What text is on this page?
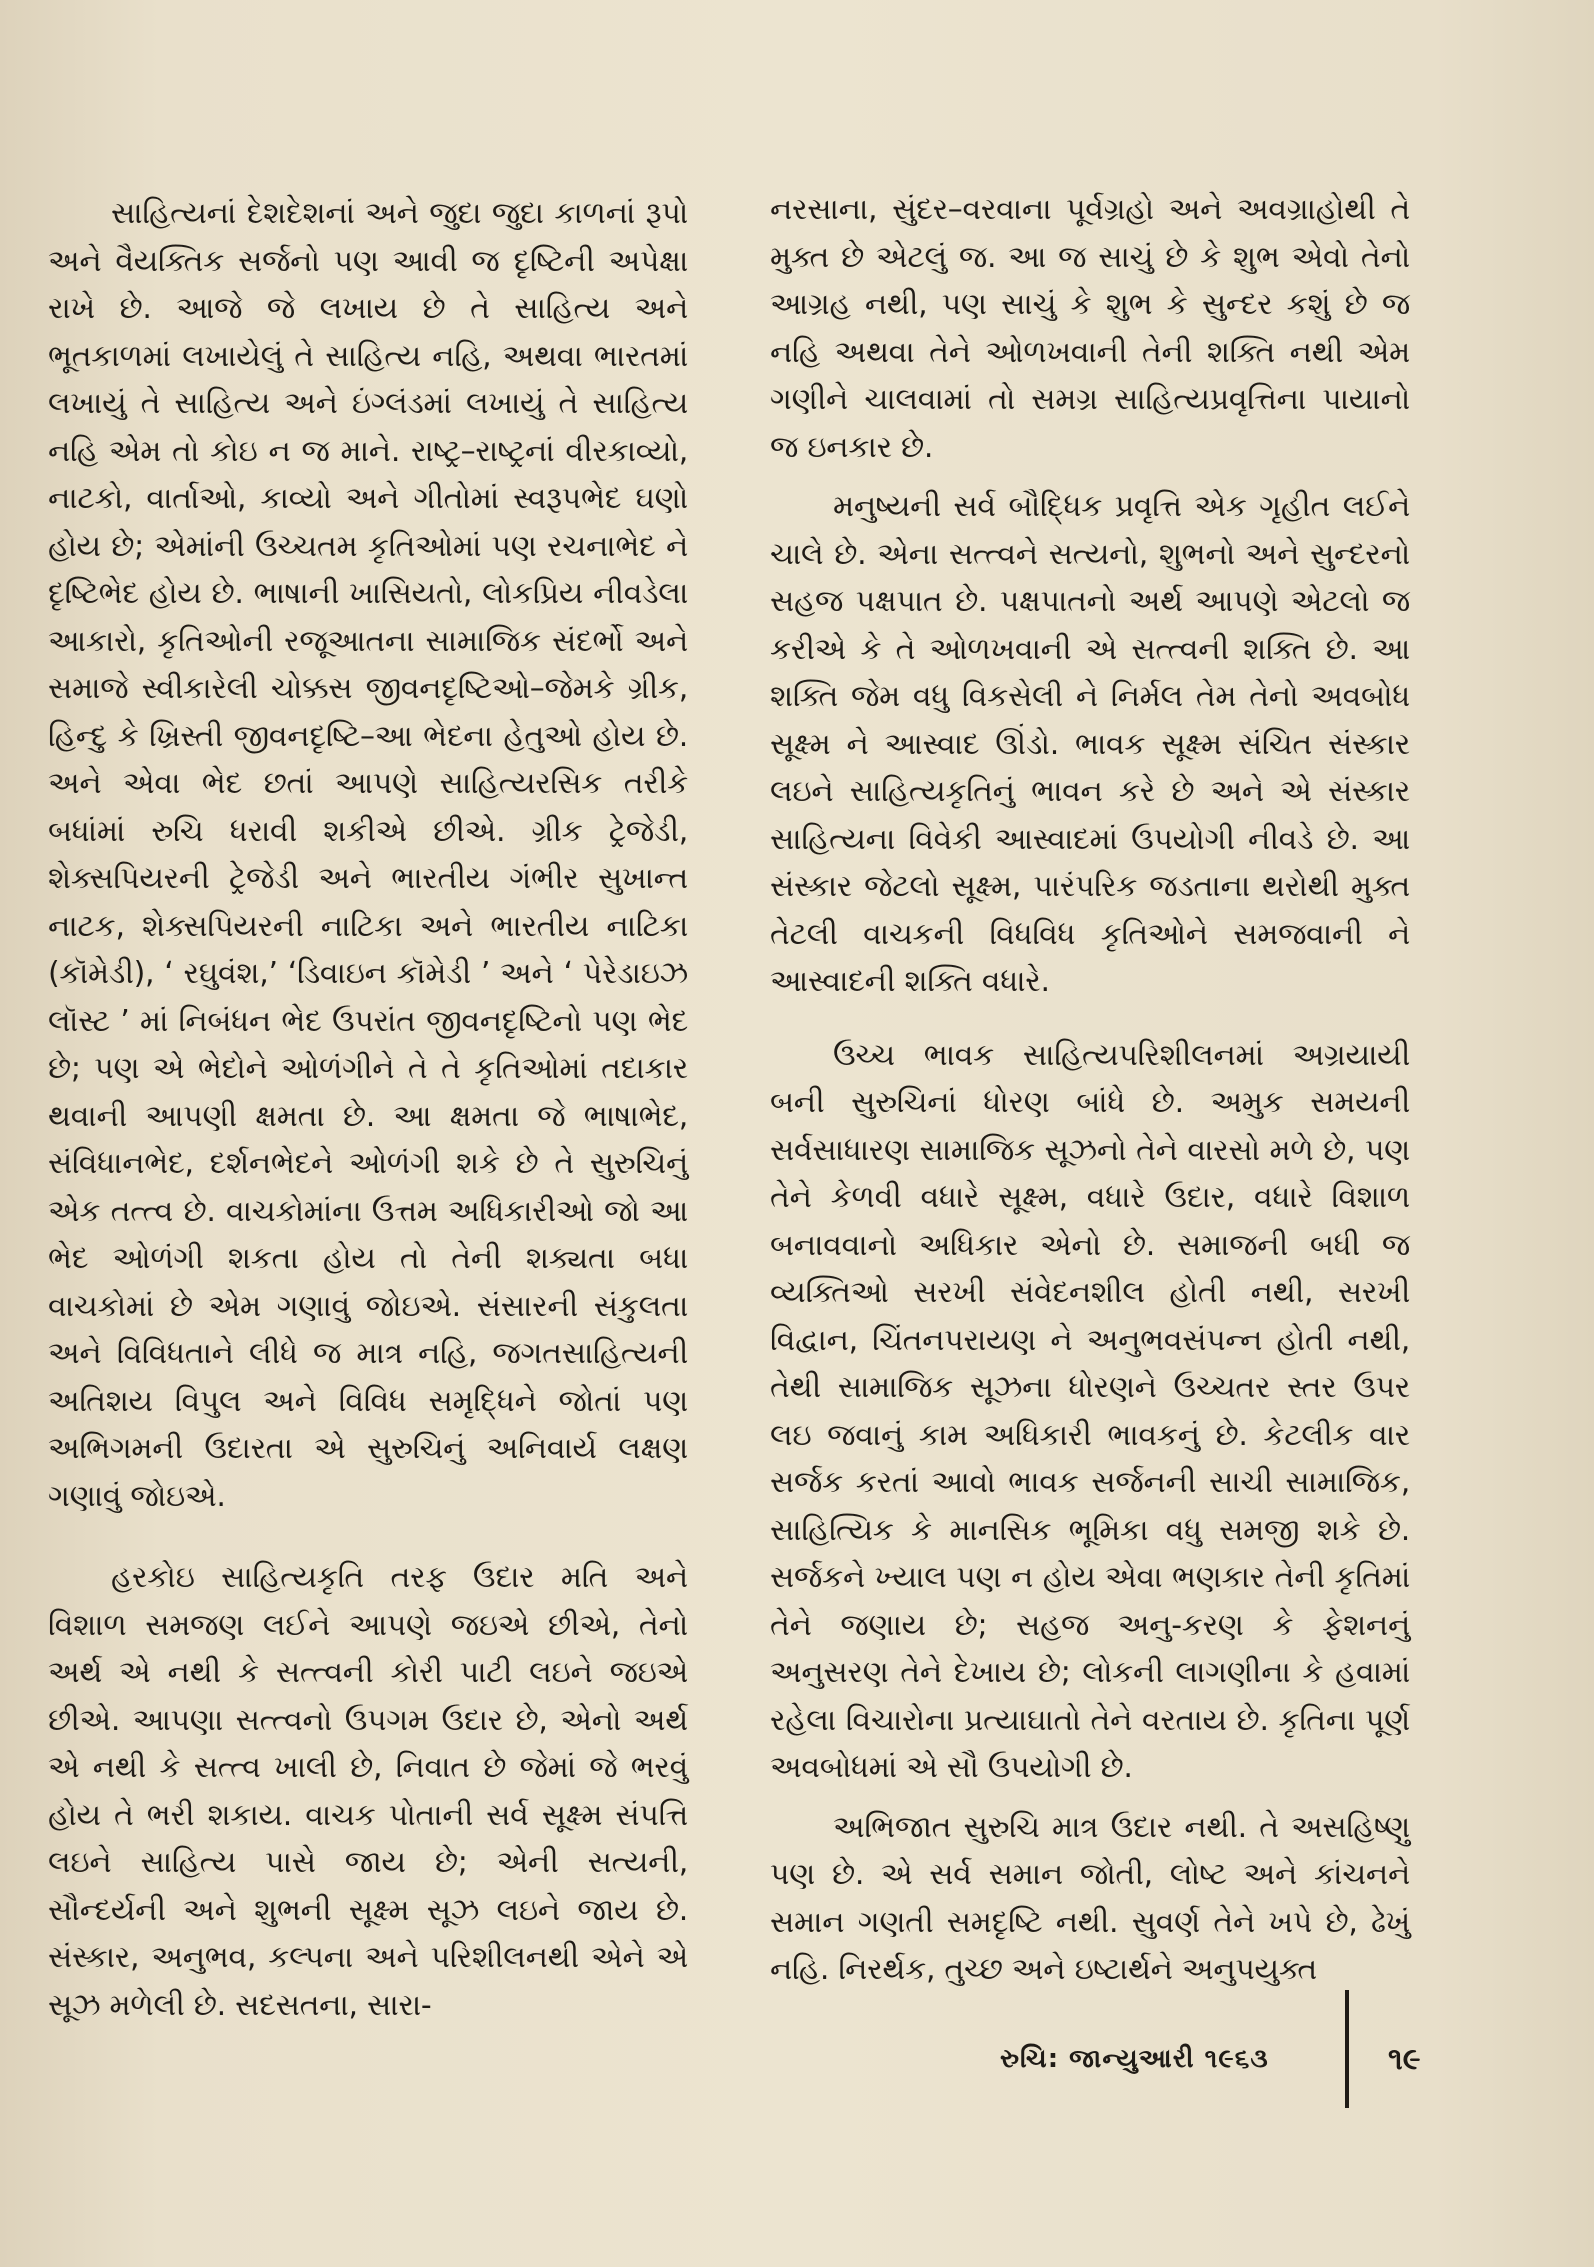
સાહિત્યનાં દેશદેશનાં અને જુદા જુદા કાળનાં રૂપો અને વૈયક્તિક સર્જનો પણ આવી જ દૃષ્ટિની અપેક્ષા રાખે છે. આજે જે લખાય છે તે સાહિત્ય અને ભૂતકાળમાં લખાયેલું તે સાહિત્ય નહિ, અથવા ભારતમાં લખાયું તે સાહિત્ય અને ઇંગ્લંડમાં લખાયું તે સાહિત્ય નહિ એમ તો કોઇ ન જ માને. રાષ્ટ્ર–રાષ્ટ્રનાં વીરકાવ્યો, નાટકો, વાર્તાઓ, કાવ્યો અને ગીતોમાં સ્વરૂપભેદ ઘણો હોય છે; એમાંની ઉચ્ચતમ કૃતિઓમાં પણ રચનાભેદ ને દૃષ્ટિભેદ હોય છે. ભાષાની ખાસિયતો, લોકપ્રિય નીવડેલા આકારો, કૃતિઓની રજૂઆતના સામાજિક સંદર્ભો અને સમાજે સ્વીકારેલી ચોક્કસ જીવનદૃષ્ટિઓ–જેમકે ગ્રીક, હિન્દુ કે ખ્રિસ્તી જીવનદૃષ્ટિ–આ ભેદના હેતુઓ હોય છે. અને એવા ભેદ છતાં આપણે સાહિત્યરસિક તરીકે બધાંમાં રુચિ ધરાવી શકીએ છીએ. ગ્રીક ટ્રેજેડી, શેક્સપિયરની ટ્રેજેડી અને ભારતીય ગંભીર સુખાન્ત નાટક, શેક્સપિયરની નાટિકા અને ભારતીય નાટિકા (કૉમેડી), ‘ રઘુવંશ,’ ‘ડિવાઇન કૉમેડી ’ અને ‘ પેરેડાઇઝ લૉસ્ટ ’ માં નિબંધન ભેદ ઉપરાંત જીવનદૃષ્ટિનો પણ ભેદ છે; પણ એ ભેદોને ઓળંગીને તે તે કૃતિઓમાં તદાકાર થવાની આપણી ક્ષમતા છે. આ ક્ષમતા જે ભાષાભેદ, સંવિધાનભેદ, દર્શનભેદને ઓળંગી શકે છે તે સુરુચિનું એક તત્ત્વ છે. વાચકોમાંના ઉત્તમ અધિકારીઓ જો આ ભેદ ઓળંગી શકતા હોય તો તેની શક્યતા બધા વાચકોમાં છે એમ ગણાવું જોઇએ. સંસારની સંકુલતા અને વિવિધતાને લીધે જ માત્ર નહિ, જગતસાહિત્યની અતિશય વિપુલ અને વિવિધ સમૃદ્ધિને જોતાં પણ અભિગમની ઉદારતા એ સુરુચિનું અનિવાર્ય લક્ષણ ગણાવું જોઇએ.

હરકોઇ સાહિત્યકૃતિ તરફ ઉદાર મતિ અને વિશાળ સમજણ લઈને આપણે જઇએ છીએ, તેનો અર્થ એ નથી કે સત્ત્વની કોરી પાટી લઇને જઇએ છીએ. આપણા સત્ત્વનો ઉપગમ ઉદાર છે, એનો અર્થ એ નથી કે સત્ત્વ ખાલી છે, નિવાત છે જેમાં જે ભરવું હોય તે ભરી શકાય. વાચક પોતાની સર્વ સૂક્ષ્મ સંપત્તિ લઇને સાહિત્ય પાસે જાય છે; એની સત્યની, સૌન્દર્યની અને શુભની સૂક્ષ્મ સૂઝ લઇને જાય છે. સંસ્કાર, અનુભવ, કલ્પના અને પરિશીલનથી એને એ સૂઝ મળેલી છે. સદસતના, સારા-

નરસાના, સુંદર–વરવાના પૂર્વગ્રહો અને અવગ્રાહોથી તે મુક્ત છે એટલું જ. આ જ સાચું છે કે શુભ એવો તેનો આગ્રહ નથી, પણ સાચું કે શુભ કે સુન્દર કશું છે જ નહિ અથવા તેને ઓળખવાની તેની શક્તિ નથી એમ ગણીને ચાલવામાં તો સમગ્ર સાહિત્યપ્રવૃત્તિના પાયાનો જ ઇનકાર છે.

મનુષ્યની સર્વ બૌદ્ધિક પ્રવૃત્તિ એક ગૃહીત લઈને ચાલે છે. એના સત્ત્વને સત્યનો, શુભનો અને સુન્દરનો સહજ પક્ષપાત છે. પક્ષપાતનો અર્થ આપણે એટલો જ કરીએ કે તે ઓળખવાની એ સત્ત્વની શક્તિ છે. આ શક્તિ જેમ વધુ વિકસેલી ને નિર્મલ તેમ તેનો અવબોધ સૂક્ષ્મ ને આસ્વાદ ઊંડો. ભાવક સૂક્ષ્મ સંચિત સંસ્કાર લઇને સાહિત્યકૃતિનું ભાવન કરે છે અને એ સંસ્કાર સાહિત્યના વિવેકી આસ્વાદમાં ઉપયોગી નીવડે છે. આ સંસ્કાર જેટલો સૂક્ષ્મ, પારંપરિક જડતાના થરોથી મુક્ત તેટલી વાચકની વિધવિધ કૃતિઓને સમજવાની ને આસ્વાદની શક્તિ વધારે.

ઉચ્ચ ભાવક સાહિત્યપરિશીલનમાં અગ્રયાયી બની સુરુચિનાં ધોરણ બાંધે છે. અમુક સમયની સર્વસાધારણ સામાજિક સૂઝનો તેને વારસો મળે છે, પણ તેને કેળવી વધારે સૂક્ષ્મ, વધારે ઉદાર, વધારે વિશાળ બનાવવાનો અધિકાર એનો છે. સમાજની બધી જ વ્યક્તિઓ સરખી સંવેદનશીલ હોતી નથી, સરખી વિદ્વાન, ચિંતનપરાયણ ને અનુભવસંપન્ન હોતી નથી, તેથી સામાજિક સૂઝના ધોરણને ઉચ્ચતર સ્તર ઉપર લઇ જવાનું કામ અધિકારી ભાવકનું છે. કેટલીક વાર સર્જક કરતાં આવો ભાવક સર્જનની સાચી સામાજિક, સાહિત્યિક કે માનસિક ભૂમિકા વધુ સમજી શકે છે. સર્જકને ખ્યાલ પણ ન હોય એવા ભણકાર તેની કૃતિમાં તેને જણાય છે; સહજ અનુ-કરણ કે ફેશનનું અનુસરણ તેને દેખાય છે; લોકની લાગણીના કે હવામાં રહેલા વિચારોના પ્રત્યાઘાતો તેને વરતાય છે. કૃતિના પૂર્ણ અવબોધમાં એ સૌ ઉપયોગી છે.

અભિજાત સુરુચિ માત્ર ઉદાર નથી. તે અસહિષ્ણુ પણ છે. એ સર્વ સમાન જોતી, લોષ્ટ અને કાંચનને સમાન ગણતી સમદૃષ્ટિ નથી. સુવર્ણ તેને ખપે છે, ઢેખું નહિ. નિરર્થક, તુચ્છ અને ઇષ્ટાર્થને અનુપયુક્ત

રુચિ: જાન્યુઆરી ૧૯૬૩	૧૯
